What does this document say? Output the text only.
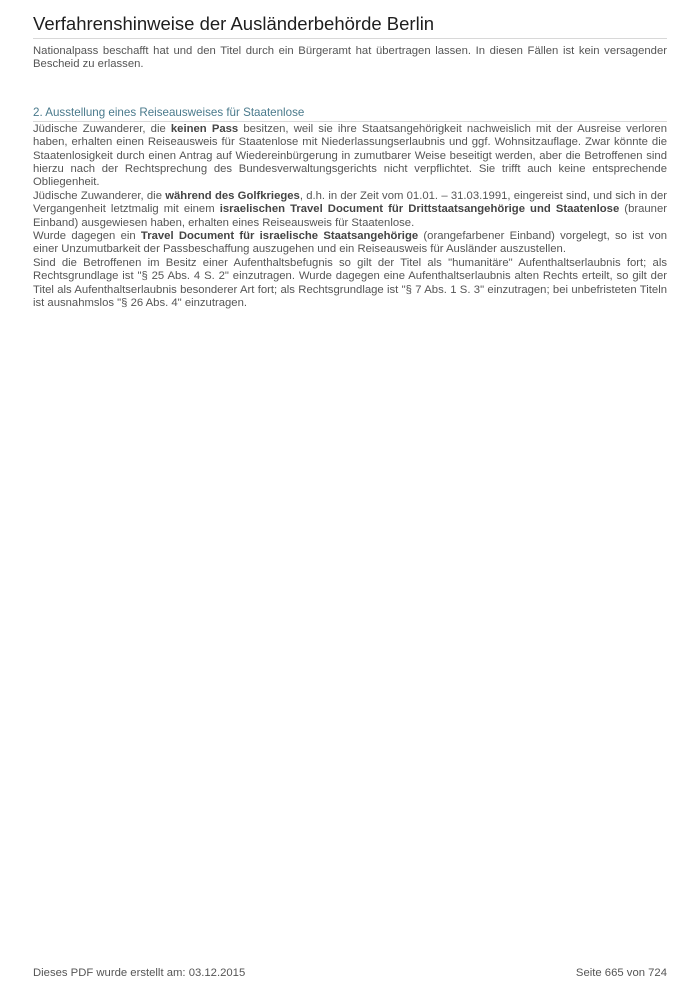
Verfahrenshinweise der Ausländerbehörde Berlin

Nationalpass beschafft hat und den Titel durch ein Bürgeramt hat übertragen lassen. In diesen Fällen ist kein versagender Bescheid zu erlassen.

2. Ausstellung eines Reiseausweises für Staatenlose

Jüdische Zuwanderer, die keinen Pass besitzen, weil sie ihre Staatsangehörigkeit nachweislich mit der Ausreise verloren haben, erhalten einen Reiseausweis für Staatenlose mit Niederlassungserlaubnis und ggf. Wohnsitzauflage. Zwar könnte die Staatenlosigkeit durch einen Antrag auf Wiedereinbürgerung in zumutbarer Weise beseitigt werden, aber die Betroffenen sind hierzu nach der Rechtsprechung des Bundesverwaltungsgerichts nicht verpflichtet. Sie trifft auch keine entsprechende Obliegenheit.

Jüdische Zuwanderer, die während des Golfkrieges, d.h. in der Zeit vom 01.01. – 31.03.1991, eingereist sind, und sich in der Vergangenheit letztmalig mit einem israelischen Travel Document für Drittstaatsangehörige und Staatenlose (brauner Einband) ausgewiesen haben, erhalten eines Reiseausweis für Staatenlose.

Wurde dagegen ein Travel Document für israelische Staatsangehörige (orangefarbener Einband) vorgelegt, so ist von einer Unzumutbarkeit der Passbeschaffung auszugehen und ein Reiseausweis für Ausländer auszustellen.

Sind die Betroffenen im Besitz einer Aufenthaltsbefugnis so gilt der Titel als "humanitäre" Aufenthaltserlaubnis fort; als Rechtsgrundlage ist "§ 25 Abs. 4 S. 2" einzutragen. Wurde dagegen eine Aufenthaltserlaubnis alten Rechts erteilt, so gilt der Titel als Aufenthaltserlaubnis besonderer Art fort; als Rechtsgrundlage ist "§ 7 Abs. 1 S. 3" einzutragen; bei unbefristeten Titeln ist ausnahmslos "§ 26 Abs. 4" einzutragen.

Dieses PDF wurde erstellt am: 03.12.2015	Seite 665 von 724
